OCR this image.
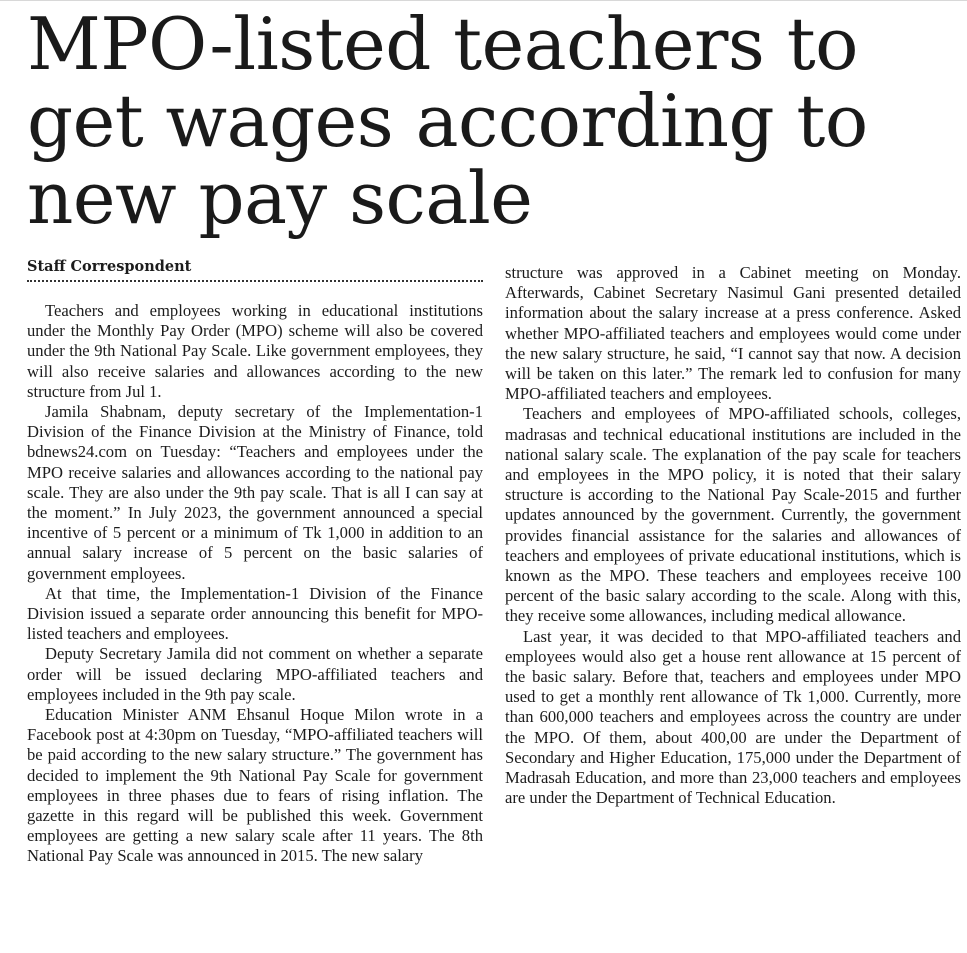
MPO-listed teachers to get wages according to new pay scale
Staff Correspondent

Teachers and employees working in educational institutions under the Monthly Pay Order (MPO) scheme will also be covered under the 9th National Pay Scale. Like government employees, they will also receive salaries and allowances according to the new structure from Jul 1.

Jamila Shabnam, deputy secretary of the Implementation-1 Division of the Finance Division at the Ministry of Finance, told bdnews24.com on Tuesday: “Teachers and employees under the MPO receive salaries and allowances according to the national pay scale. They are also under the 9th pay scale. That is all I can say at the moment.” In July 2023, the government announced a special incentive of 5 percent or a minimum of Tk 1,000 in addition to an annual salary increase of 5 percent on the basic salaries of government employees.

At that time, the Implementation-1 Division of the Finance Division issued a separate order announcing this benefit for MPO-listed teachers and employees.

Deputy Secretary Jamila did not comment on whether a separate order will be issued declaring MPO-affiliated teachers and employees included in the 9th pay scale.

Education Minister ANM Ehsanul Hoque Milon wrote in a Facebook post at 4:30pm on Tuesday, “MPO-affiliated teachers will be paid according to the new salary structure.” The government has decided to implement the 9th National Pay Scale for government employees in three phases due to fears of rising inflation. The gazette in this regard will be published this week. Government employees are getting a new salary scale after 11 years. The 8th National Pay Scale was announced in 2015. The new salary

structure was approved in a Cabinet meeting on Monday. Afterwards, Cabinet Secretary Nasimul Gani presented detailed information about the salary increase at a press conference. Asked whether MPO-affiliated teachers and employees would come under the new salary structure, he said, “I cannot say that now. A decision will be taken on this later.” The remark led to confusion for many MPO-affiliated teachers and employees.

Teachers and employees of MPO-affiliated schools, colleges, madrasas and technical educational institutions are included in the national salary scale. The explanation of the pay scale for teachers and employees in the MPO policy, it is noted that their salary structure is according to the National Pay Scale-2015 and further updates announced by the government. Currently, the government provides financial assistance for the salaries and allowances of teachers and employees of private educational institutions, which is known as the MPO. These teachers and employees receive 100 percent of the basic salary according to the scale. Along with this, they receive some allowances, including medical allowance.

Last year, it was decided to that MPO-affiliated teachers and employees would also get a house rent allowance at 15 percent of the basic salary. Before that, teachers and employees under MPO used to get a monthly rent allowance of Tk 1,000. Currently, more than 600,000 teachers and employees across the country are under the MPO. Of them, about 400,00 are under the Department of Secondary and Higher Education, 175,000 under the Department of Madrasah Education, and more than 23,000 teachers and employees are under the Department of Technical Education.
